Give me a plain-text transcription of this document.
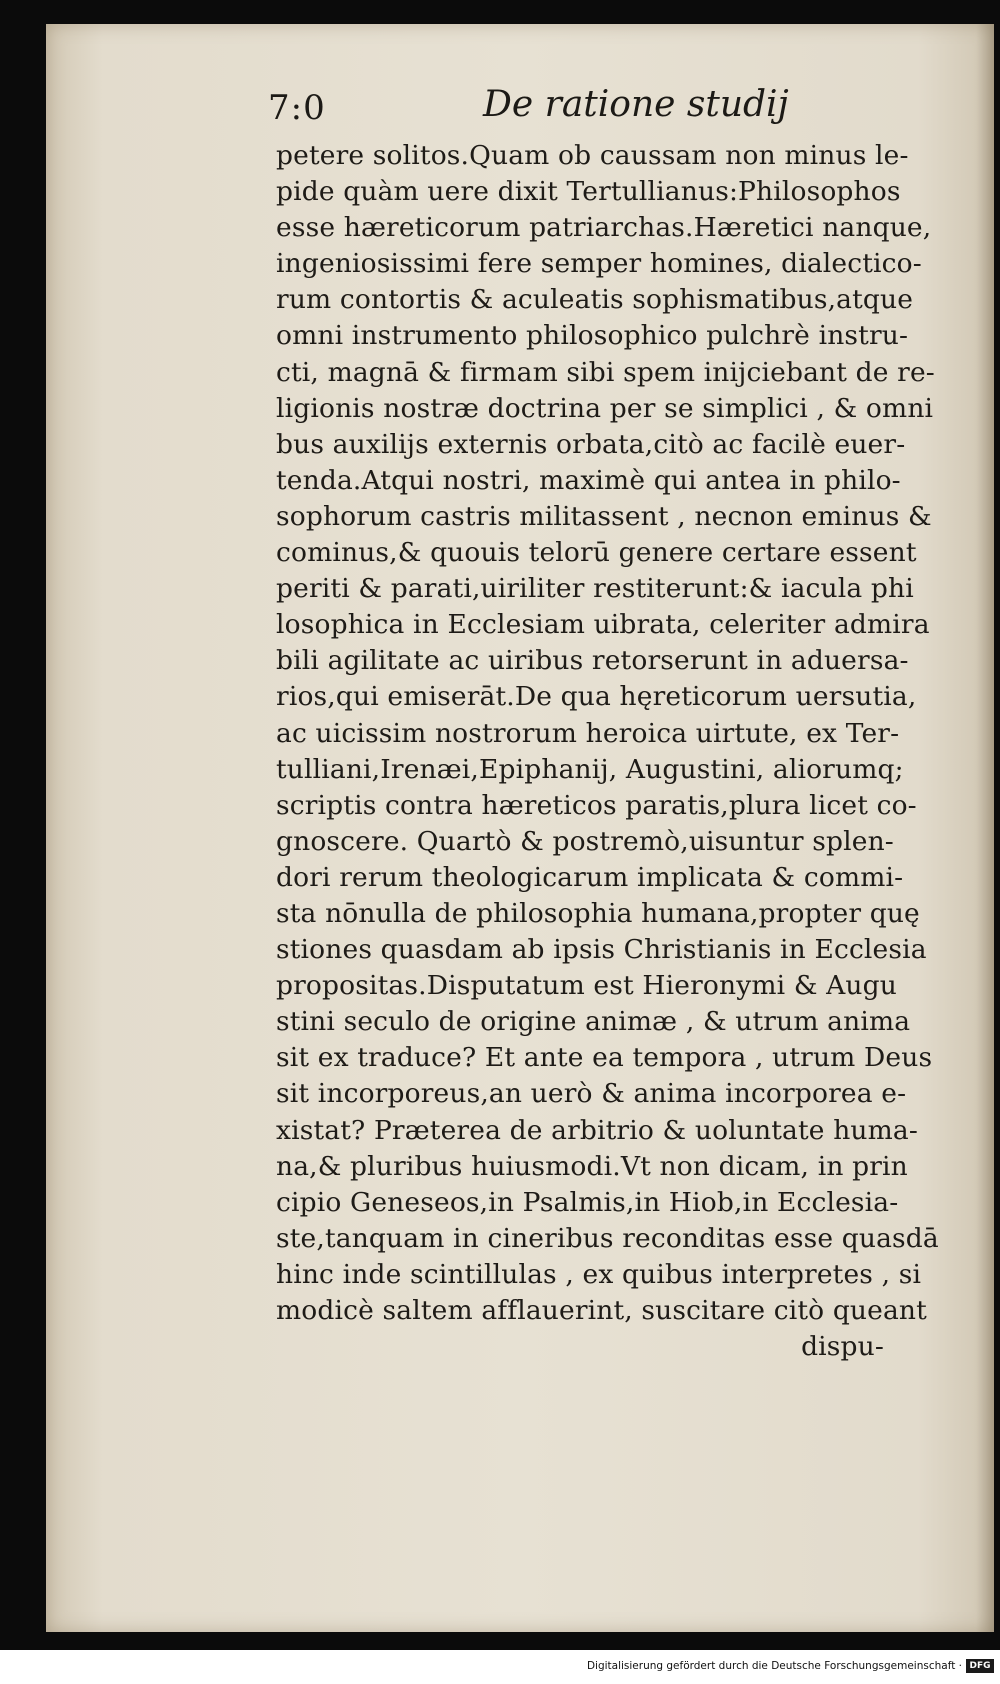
7:0	De ratione studij
petere solitos.Quam ob caussam non minus le-
pide quàm uere dixit Tertullianus:Philosophos
esse hæreticorum patriarchas.Hæretici nanque,
ingeniosissimi fere semper homines, dialectico-
rum contortis & aculeatis sophismatibus,atque
omni instrumento philosophico pulchrè instru-
cti, magnā & firmam sibi spem inijciebant de re-
ligionis nostræ doctrina per se simplici , & omni
bus auxilijs externis orbata,citò ac facilè euer-
tenda.Atqui nostri, maximè qui antea in philo-
sophorum castris militassent , necnon eminus &
cominus,& quouis telorū genere certare essent
periti & parati,uiriliter restiterunt:& iacula phi
losophica in Ecclesiam uibrata, celeriter admira
bili agilitate ac uiribus retorserunt in aduersa-
rios,qui emiserāt.De qua hęreticorum uersutia,
ac uicissim nostrorum heroica uirtute, ex Ter-
tulliani,Irenæi,Epiphanij, Augustini, aliorumq;
scriptis contra hæreticos paratis,plura licet co-
gnoscere. Quartò & postremò,uisuntur splen-
dori rerum theologicarum implicata & commi-
sta nōnulla de philosophia humana,propter quę
stiones quasdam ab ipsis Christianis in Ecclesia
propositas.Disputatum est Hieronymi & Augu
stini seculo de origine animæ , & utrum anima
sit ex traduce? Et ante ea tempora , utrum Deus
sit incorporeus,an uerò & anima incorporea e-
xistat? Præterea de arbitrio & uoluntate huma-
na,& pluribus huiusmodi.Vt non dicam, in prin
cipio Geneseos,in Psalmis,in Hiob,in Ecclesia-
ste,tanquam in cineribus reconditas esse quasdā
hinc inde scintillulas , ex quibus interpretes , si
modicè saltem afflauerint, suscitare citò queant
dispu-
Digitalisierung gefördert durch die Deutsche Forschungsgemeinschaft · DFG
